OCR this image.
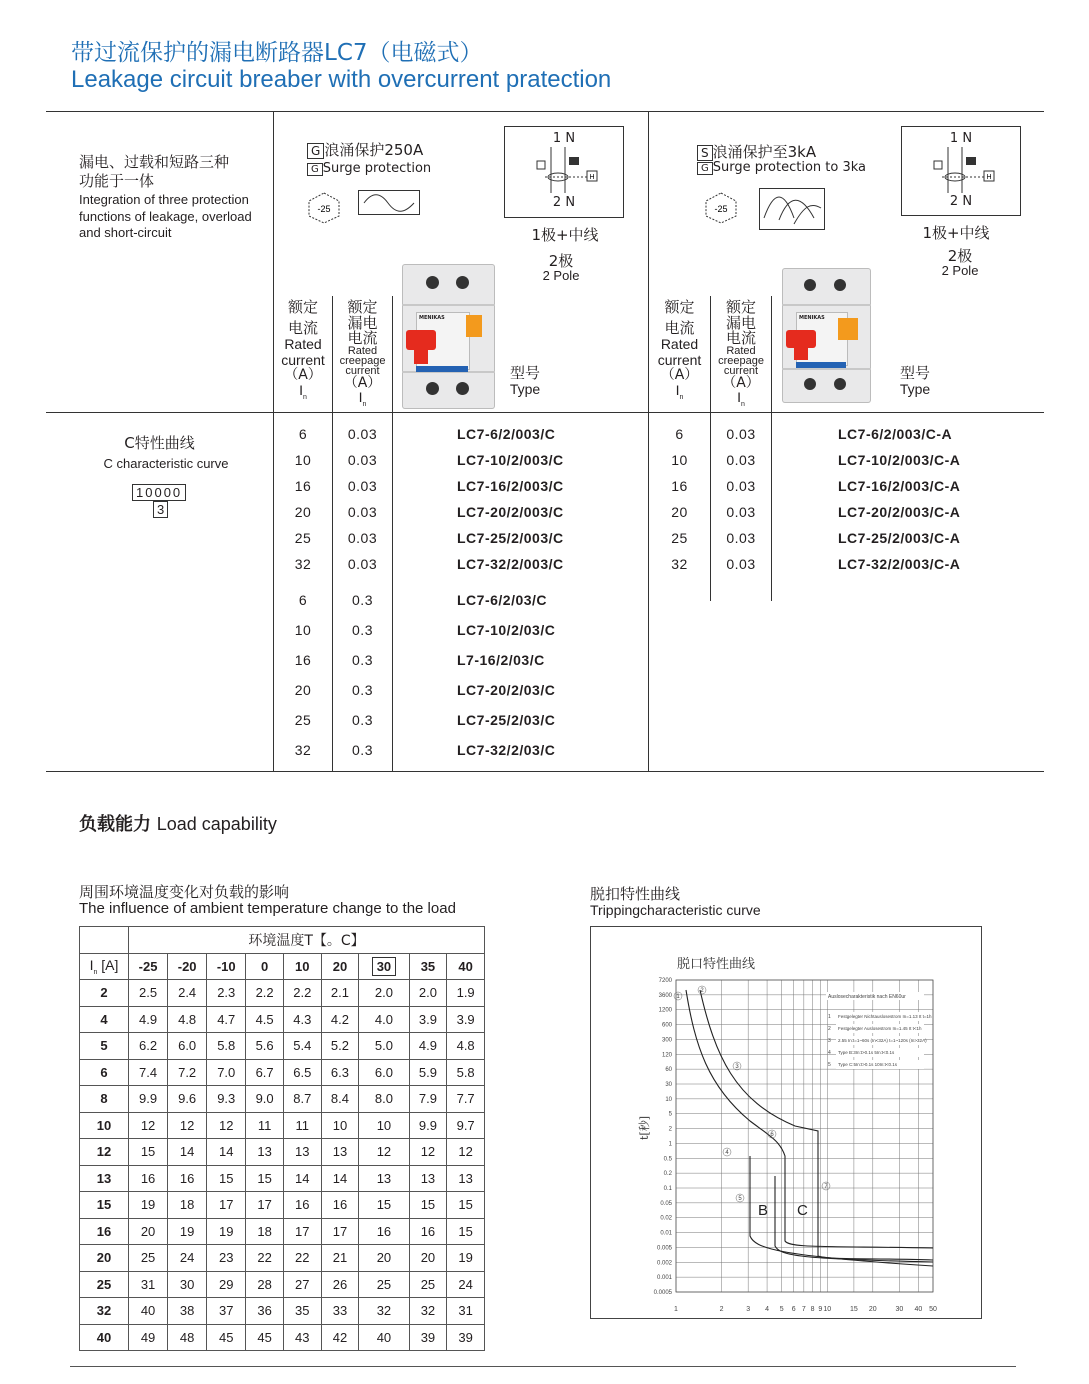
带过流保护的漏电断路器LC7（电磁式）
Leakage circuit breaber with overcurrent pratection
漏电、过载和短路三种
功能于一体
Integration of three protection functions of leakage, overload and short-circuit
G 浪涌保护250A
G Surge protection
-25
1 N
H
2 N
1极+中线
2极
2 Pole
S 浪涌保护至3kA
G Surge protection to 3ka
-25
1 N
H
2 N
1极+中线
2极
2 Pole
MENIKAS	MENIKAS
额定
电流
Rated
current
（A）
$I_n$
额定
漏电
电流
Rated
creepage
current
（A）
$I_n$
型号
Type
额定
电流
Rated
current
（A）
$I_n$
额定
漏电
电流
Rated
creepage
current
（A）
$I_n$
型号
Type
C特性曲线
C characteristic curve
10000
3
6	0.03	LC7-6/2/003/C
10	0.03	LC7-10/2/003/C
16	0.03	LC7-16/2/003/C
20	0.03	LC7-20/2/003/C
25	0.03	LC7-25/2/003/C
32	0.03	LC7-32/2/003/C
6	0.3	LC7-6/2/03/C
10	0.3	LC7-10/2/03/C
16	0.3	L7-16/2/03/C
20	0.3	LC7-20/2/03/C
25	0.3	LC7-25/2/03/C
32	0.3	LC7-32/2/03/C
6	0.03	LC7-6/2/003/C-A
10	0.03	LC7-10/2/003/C-A
16	0.03	LC7-16/2/003/C-A
20	0.03	LC7-20/2/003/C-A
25	0.03	LC7-25/2/003/C-A
32	0.03	LC7-32/2/003/C-A
负载能力 Load capability
周围环境温度变化对负载的影响
The influence of ambient temperature change to the load
	环境温度T【。C】								
$I_n$ [A]	-25	-20	-10	0	10	20	30	35	40
2	2.5	2.4	2.3	2.2	2.2	2.1	2.0	2.0	1.9
4	4.9	4.8	4.7	4.5	4.3	4.2	4.0	3.9	3.9
5	6.2	6.0	5.8	5.6	5.4	5.2	5.0	4.9	4.8
6	7.4	7.2	7.0	6.7	6.5	6.3	6.0	5.9	5.8
8	9.9	9.6	9.3	9.0	8.7	8.4	8.0	7.9	7.7
10	12	12	12	11	11	10	10	9.9	9.7
12	15	14	14	13	13	13	12	12	12
13	16	16	15	15	14	14	13	13	13
15	19	18	17	17	16	16	15	15	15
16	20	19	19	18	17	17	16	16	15
20	25	24	23	22	22	21	20	20	19
25	31	30	29	28	27	26	25	25	24
32	40	38	37	36	35	33	32	32	31
40	49	48	45	45	43	42	40	39	39
脱扣特性曲线
Trippingcharacteristic curve
脱口特性曲线
7200
3600
1200
600
300
120
60
30
10
5
2
1
0.5
0.2
0.1
0.05
0.02
0.01
0.005
0.002
0.001
0.0005
1	2	3 4 5 6 7 8 9 10	15 20	30 40 50
t[秒]
B C
1
2
3
4
5
6
7
Auslosecharakteristik nach EN60ur
1 Festgelegter Nichtauslosestrom In=1.13 It t=1h
2 Festgelegter Auslosestrom In=1.45 It t<1h
3 2.55 In:t=1~60s (In<32A) t=1~120s (In>32A)
4 Type B:3In:t>0.1s 5In:t<0.1s
5 Type C:5In:t>0.1s 10In:t<0.1s
